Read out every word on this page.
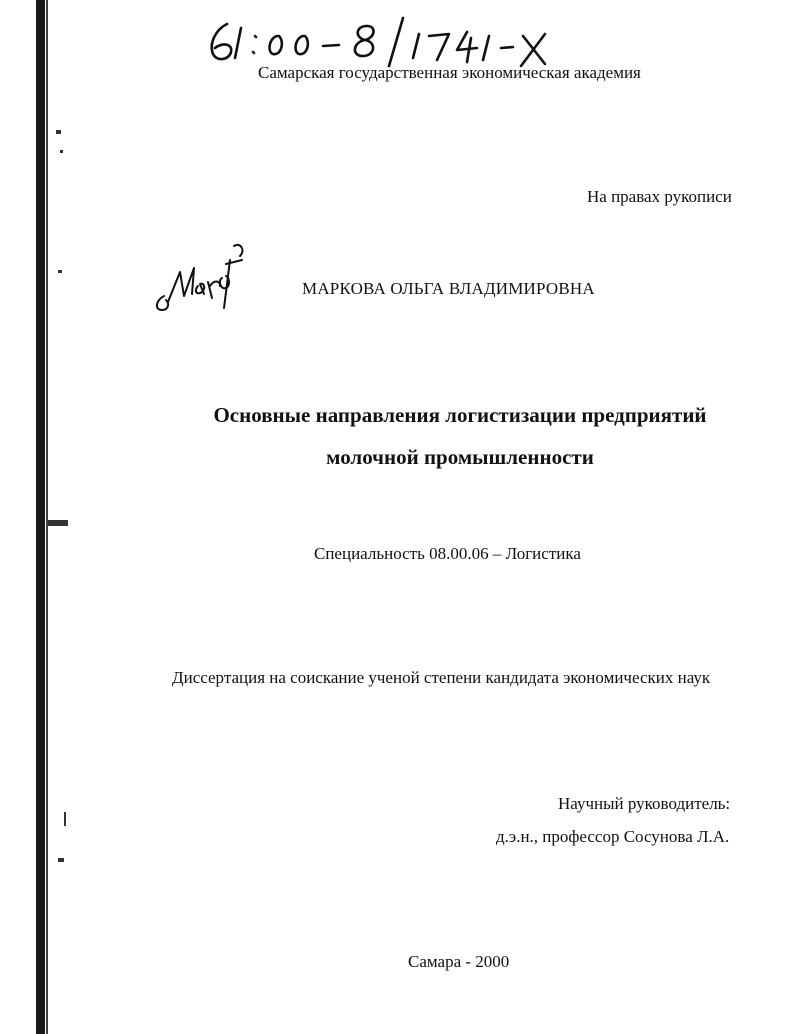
Самарская государственная экономическая академия
На правах рукописи
МАРКОВА ОЛЬГА ВЛАДИМИРОВНА
Основные направления логистизации предприятий
молочной промышленности
Специальность 08.00.06 – Логистика
Диссертация на соискание ученой степени кандидата экономических наук
Научный руководитель:
д.э.н., профессор Сосунова Л.А.
Самара - 2000
